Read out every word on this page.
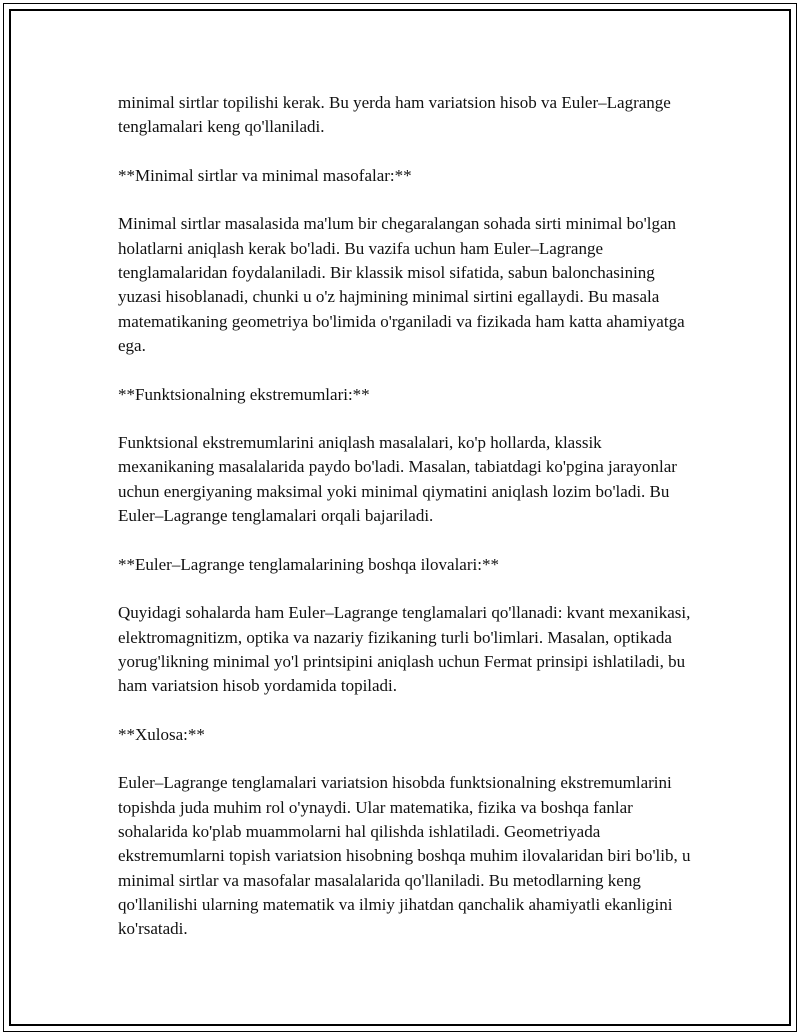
minimal sirtlar topilishi kerak. Bu yerda ham variatsion hisob va Euler–Lagrange tenglamalari keng qo'llaniladi.

**Minimal sirtlar va minimal masofalar:**

Minimal sirtlar masalasida ma'lum bir chegaralangan sohada sirti minimal bo'lgan holatlarni aniqlash kerak bo'ladi. Bu vazifa uchun ham Euler–Lagrange tenglamalaridan foydalaniladi. Bir klassik misol sifatida, sabun balonchasining yuzasi hisoblanadi, chunki u o'z hajmining minimal sirtini egallaydi. Bu masala matematikaning geometriya bo'limida o'rganiladi va fizikada ham katta ahamiyatga ega.

**Funktsionalning ekstremumlari:**

Funktsional ekstremumlarini aniqlash masalalari, ko'p hollarda, klassik mexanikaning masalalarida paydo bo'ladi. Masalan, tabiatdagi ko'pgina jarayonlar uchun energiyaning maksimal yoki minimal qiymatini aniqlash lozim bo'ladi. Bu Euler–Lagrange tenglamalari orqali bajariladi.

**Euler–Lagrange tenglamalarining boshqa ilovalari:**

Quyidagi sohalarda ham Euler–Lagrange tenglamalari qo'llanadi: kvant mexanikasi, elektromagnitizm, optika va nazariy fizikaning turli bo'limlari. Masalan, optikada yorug'likning minimal yo'l printsipini aniqlash uchun Fermat prinsipi ishlatiladi, bu ham variatsion hisob yordamida topiladi.

**Xulosa:**

Euler–Lagrange tenglamalari variatsion hisobda funktsionalning ekstremumlarini topishda juda muhim rol o'ynaydi. Ular matematika, fizika va boshqa fanlar sohalarida ko'plab muammolarni hal qilishda ishlatiladi. Geometriyada ekstremumlarni topish variatsion hisobning boshqa muhim ilovalaridan biri bo'lib, u minimal sirtlar va masofalar masalalarida qo'llaniladi. Bu metodlarning keng qo'llanilishi ularning matematik va ilmiy jihatdan qanchalik ahamiyatli ekanligini ko'rsatadi.
